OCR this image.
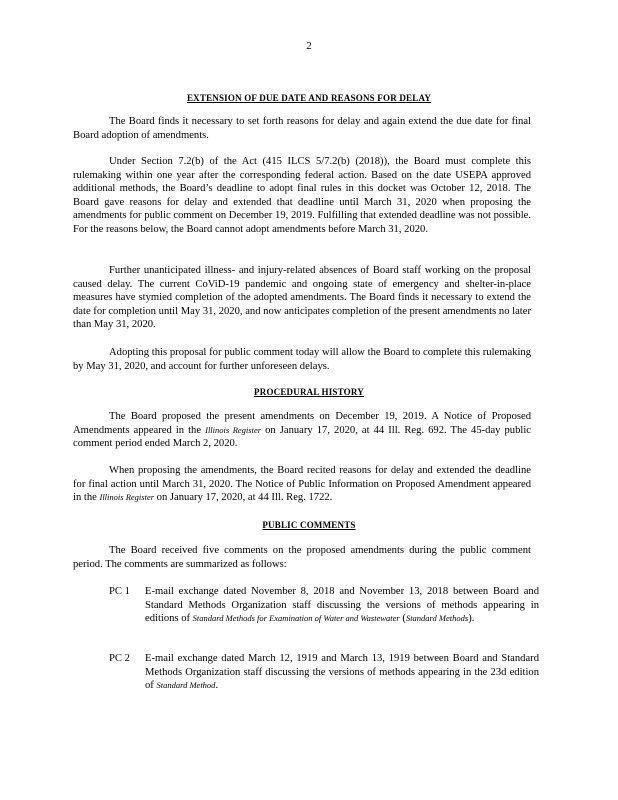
2
EXTENSION OF DUE DATE AND REASONS FOR DELAY
The Board finds it necessary to set forth reasons for delay and again extend the due date for final Board adoption of amendments.
Under Section 7.2(b) of the Act (415 ILCS 5/7.2(b) (2018)), the Board must complete this rulemaking within one year after the corresponding federal action. Based on the date USEPA approved additional methods, the Board’s deadline to adopt final rules in this docket was October 12, 2018. The Board gave reasons for delay and extended that deadline until March 31, 2020 when proposing the amendments for public comment on December 19, 2019. Fulfilling that extended deadline was not possible. For the reasons below, the Board cannot adopt amendments before March 31, 2020.
Further unanticipated illness- and injury-related absences of Board staff working on the proposal caused delay. The current CoViD-19 pandemic and ongoing state of emergency and shelter-in-place measures have stymied completion of the adopted amendments. The Board finds it necessary to extend the date for completion until May 31, 2020, and now anticipates completion of the present amendments no later than May 31, 2020.
Adopting this proposal for public comment today will allow the Board to complete this rulemaking by May 31, 2020, and account for further unforeseen delays.
PROCEDURAL HISTORY
The Board proposed the present amendments on December 19, 2019. A Notice of Proposed Amendments appeared in the Illinois Register on January 17, 2020, at 44 Ill. Reg. 692. The 45-day public comment period ended March 2, 2020.
When proposing the amendments, the Board recited reasons for delay and extended the deadline for final action until March 31, 2020. The Notice of Public Information on Proposed Amendment appeared in the Illinois Register on January 17, 2020, at 44 Ill. Reg. 1722.
PUBLIC COMMENTS
The Board received five comments on the proposed amendments during the public comment period. The comments are summarized as follows:
PC 1	E-mail exchange dated November 8, 2018 and November 13, 2018 between Board and Standard Methods Organization staff discussing the versions of methods appearing in editions of Standard Methods for Examination of Water and Wastewater (Standard Methods).
PC 2	E-mail exchange dated March 12, 1919 and March 13, 1919 between Board and Standard Methods Organization staff discussing the versions of methods appearing in the 23d edition of Standard Method.
